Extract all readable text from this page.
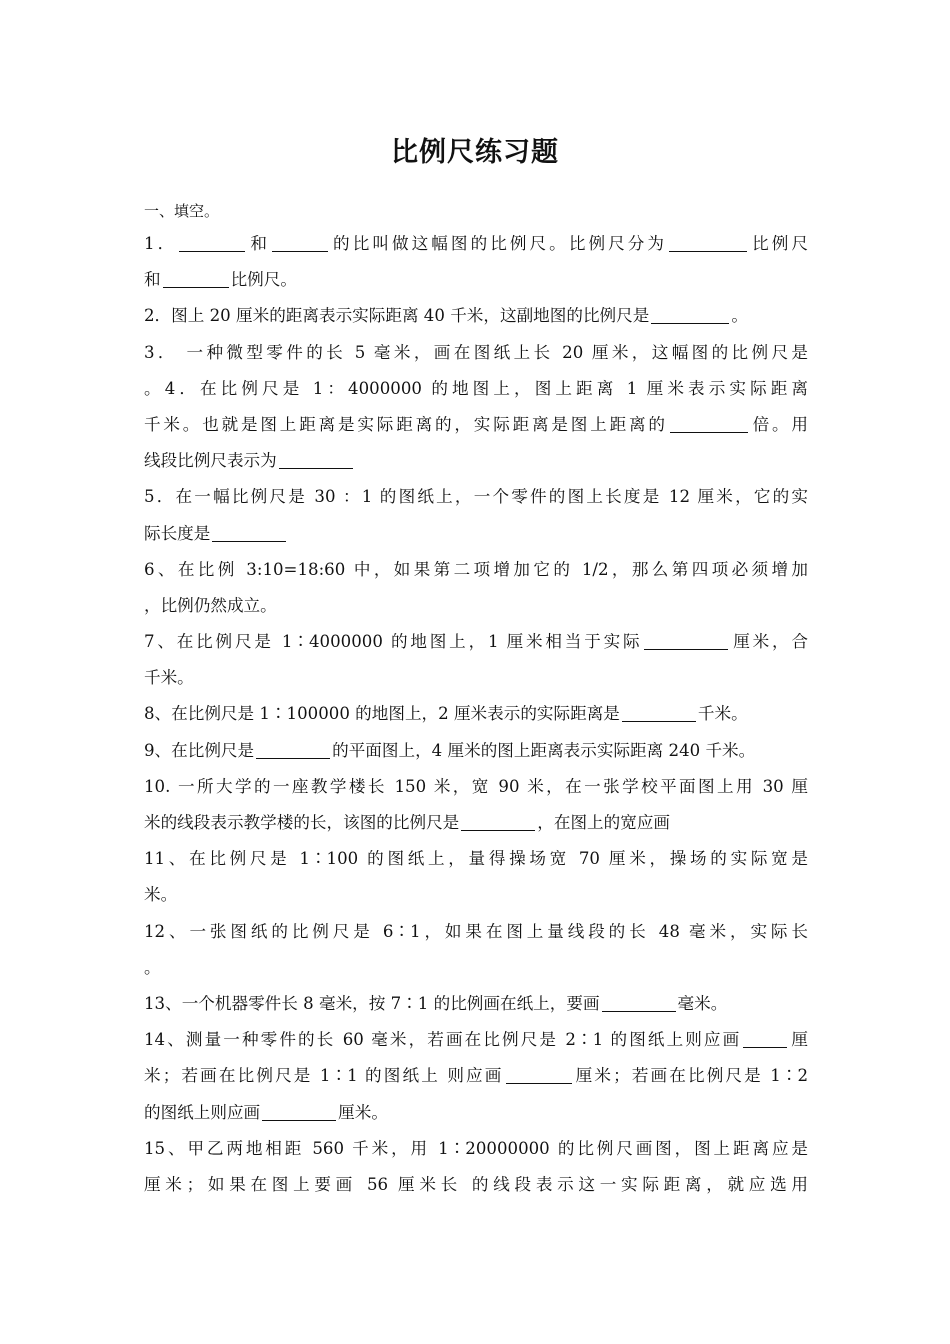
比例尺练习题
一、填空。
1．	和	的比叫做这幅图的比例尺。比例尺分为	比例尺
和	比例尺。
2．图上 20 厘米的距离表示实际距离 40 千米，这副地图的比例尺是	。
3． 一种微型零件的长 5 毫米，画在图纸上长 20 厘米，这幅图的比例尺是
。4．在比例尺是 1：4000000 的地图上，图上距离 1 厘米表示实际距离
千米。也就是图上距离是实际距离的，实际距离是图上距离的	倍。用
线段比例尺表示为
5．在一幅比例尺是 30 ：1 的图纸上，一个零件的图上长度是 12 厘米，它的实
际长度是
6、在比例 3:10=18:60 中，如果第二项增加它的 1/2，那么第四项必须增加
，比例仍然成立。
7、在比例尺是 1∶4000000 的地图上，1 厘米相当于实际	厘米，合
千米。
8、在比例尺是 1∶100000 的地图上，2 厘米表示的实际距离是	千米。
9、在比例尺是	的平面图上，4 厘米的图上距离表示实际距离 240 千米。
10. 一所大学的一座教学楼长 150 米，宽 90 米，在一张学校平面图上用 30 厘
米的线段表示教学楼的长，该图的比例尺是	，在图上的宽应画
11、在比例尺是 1∶100 的图纸上，量得操场宽 70 厘米，操场的实际宽是
米。
12、一张图纸的比例尺是 6∶1，如果在图上量线段的长 48 毫米，实际长
。
13、一个机器零件长 8 毫米，按 7∶1 的比例画在纸上，要画	毫米。
14、测量一种零件的长 60 毫米，若画在比例尺是 2∶1 的图纸上则应画	厘
米；若画在比例尺是 1∶1 的图纸上 则应画	厘米；若画在比例尺是 1∶2
的图纸上则应画	厘米。
15、甲乙两地相距 560 千米，用 1∶20000000 的比例尺画图，图上距离应是
厘米；如果在图上要画 56 厘米长 的线段表示这一实际距离，就应选用
